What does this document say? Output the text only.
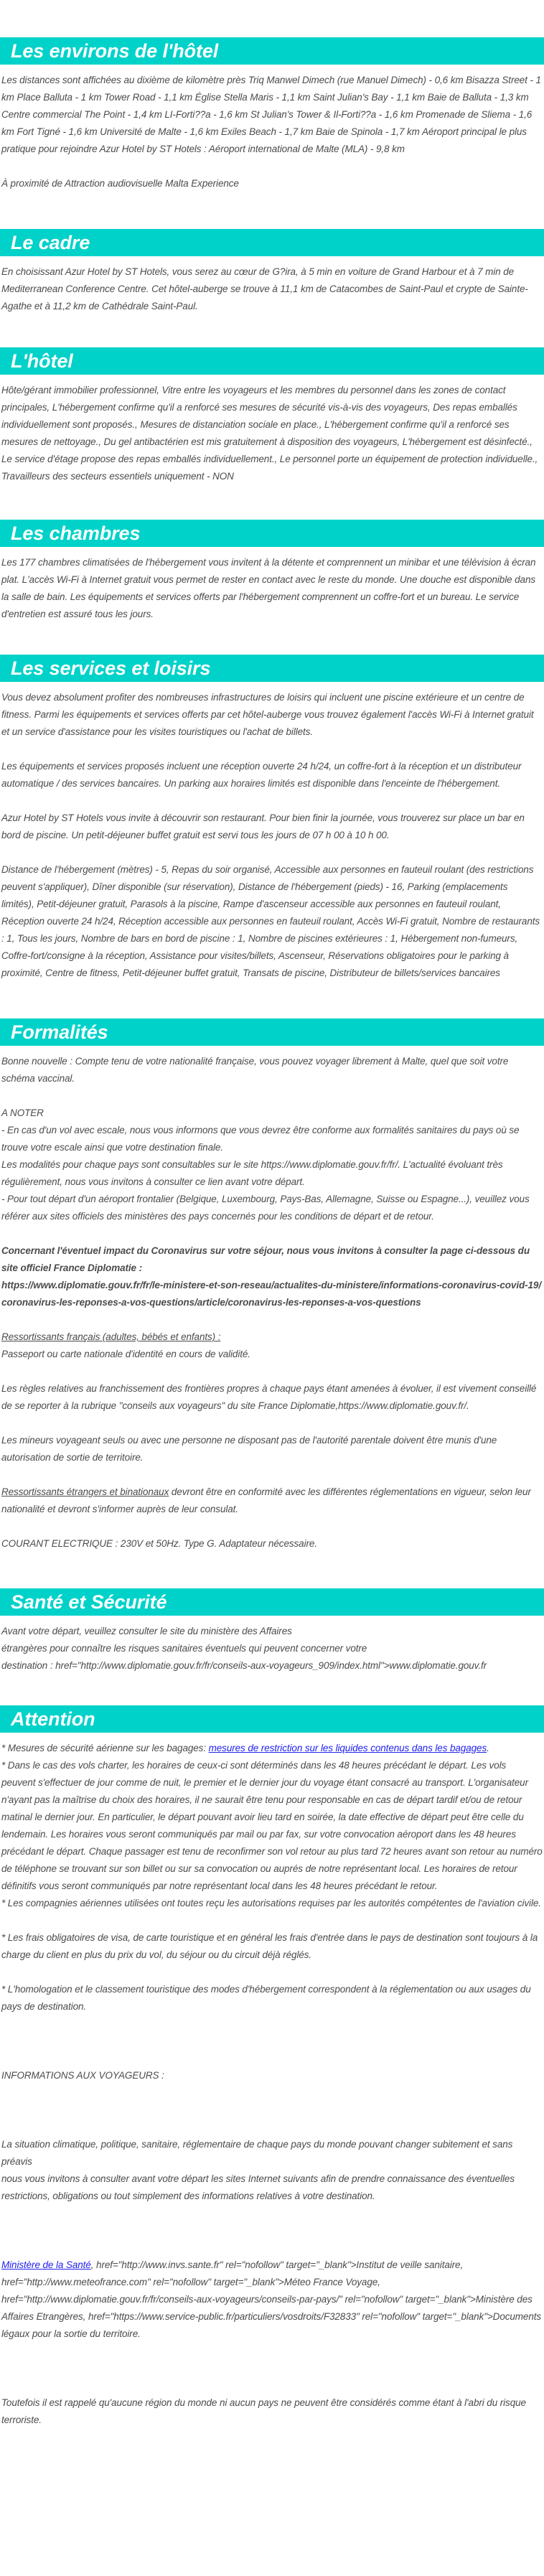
Les environs de l'hôtel

Les distances sont affichées au dixième de kilomètre près Triq Manwel Dimech (rue Manuel Dimech) - 0,6 km Bisazza Street - 1 km Place Balluta - 1 km Tower Road - 1,1 km Église Stella Maris - 1,1 km Saint Julian's Bay - 1,1 km Baie de Balluta - 1,3 km Centre commercial The Point - 1,4 km LI-Forti??a - 1,6 km St Julian's Tower & Il-Forti??a - 1,6 km Promenade de Sliema - 1,6 km Fort Tigné - 1,6 km Université de Malte - 1,6 km Exiles Beach - 1,7 km Baie de Spinola - 1,7 km Aéroport principal le plus pratique pour rejoindre Azur Hotel by ST Hotels : Aéroport international de Malte (MLA) - 9,8 km

À proximité de Attraction audiovisuelle Malta Experience

Le cadre

En choisissant Azur Hotel by ST Hotels, vous serez au cœur de G?ira, à 5 min en voiture de Grand Harbour et à 7 min de Mediterranean Conference Centre. Cet hôtel-auberge se trouve à 11,1 km de Catacombes de Saint-Paul et crypte de Sainte-Agathe et à 11,2 km de Cathédrale Saint-Paul.

L'hôtel

Hôte/gérant immobilier professionnel, Vitre entre les voyageurs et les membres du personnel dans les zones de contact principales, L'hébergement confirme qu'il a renforcé ses mesures de sécurité vis-à-vis des voyageurs, Des repas emballés individuellement sont proposés., Mesures de distanciation sociale en place., L'hébergement confirme qu'il a renforcé ses mesures de nettoyage., Du gel antibactérien est mis gratuitement à disposition des voyageurs, L'hébergement est désinfecté., Le service d'étage propose des repas emballés individuellement., Le personnel porte un équipement de protection individuelle., Travailleurs des secteurs essentiels uniquement - NON

Les chambres

Les 177 chambres climatisées de l'hébergement vous invitent à la détente et comprennent un minibar et une télévision à écran plat. L'accès Wi-Fi à Internet gratuit vous permet de rester en contact avec le reste du monde. Une douche est disponible dans la salle de bain. Les équipements et services offerts par l'hébergement comprennent un coffre-fort et un bureau. Le service d'entretien est assuré tous les jours.

Les services et loisirs

Vous devez absolument profiter des nombreuses infrastructures de loisirs qui incluent une piscine extérieure et un centre de fitness. Parmi les équipements et services offerts par cet hôtel-auberge vous trouvez également l'accès Wi-Fi à Internet gratuit et un service d'assistance pour les visites touristiques ou l'achat de billets.

Les équipements et services proposés incluent une réception ouverte 24 h/24, un coffre-fort à la réception et un distributeur automatique / des services bancaires. Un parking aux horaires limités est disponible dans l'enceinte de l'hébergement.

Azur Hotel by ST Hotels vous invite à découvrir son restaurant. Pour bien finir la journée, vous trouverez sur place un bar en bord de piscine. Un petit-déjeuner buffet gratuit est servi tous les jours de 07 h 00 à 10 h 00.

Distance de l'hébergement (mètres) - 5, Repas du soir organisé, Accessible aux personnes en fauteuil roulant (des restrictions peuvent s'appliquer), Dîner disponible (sur réservation), Distance de l'hébergement (pieds) - 16, Parking (emplacements limités), Petit-déjeuner gratuit, Parasols à la piscine, Rampe d'ascenseur accessible aux personnes en fauteuil roulant, Réception ouverte 24 h/24, Réception accessible aux personnes en fauteuil roulant, Accès Wi-Fi gratuit, Nombre de restaurants : 1, Tous les jours, Nombre de bars en bord de piscine : 1, Nombre de piscines extérieures : 1, Hébergement non-fumeurs, Coffre-fort/consigne à la réception, Assistance pour visites/billets, Ascenseur, Réservations obligatoires pour le parking à proximité, Centre de fitness, Petit-déjeuner buffet gratuit, Transats de piscine, Distributeur de billets/services bancaires

Formalités

Bonne nouvelle : Compte tenu de votre nationalité française, vous pouvez voyager librement à Malte, quel que soit votre schéma vaccinal.

A NOTER
- En cas d'un vol avec escale, nous vous informons que vous devrez être conforme aux formalités sanitaires du pays où se trouve votre escale ainsi que votre destination finale.
Les modalités pour chaque pays sont consultables sur le site https://www.diplomatie.gouv.fr/fr/. L'actualité évoluant très régulièrement, nous vous invitons à consulter ce lien avant votre départ.
- Pour tout départ d'un aéroport frontalier (Belgique, Luxembourg, Pays-Bas, Allemagne, Suisse ou Espagne...), veuillez vous référer aux sites officiels des ministères des pays concernés pour les conditions de départ et de retour.

Concernant l'éventuel impact du Coronavirus sur votre séjour, nous vous invitons à consulter la page ci-dessous du site officiel France Diplomatie :
https://www.diplomatie.gouv.fr/fr/le-ministere-et-son-reseau/actualites-du-ministere/informations-coronavirus-covid-19/coronavirus-les-reponses-a-vos-questions/article/coronavirus-les-reponses-a-vos-questions

Ressortissants français (adultes, bébés et enfants) :
Passeport ou carte nationale d'identité en cours de validité.

Les règles relatives au franchissement des frontières propres à chaque pays étant amenées à évoluer, il est vivement conseillé de se reporter à la rubrique "conseils aux voyageurs" du site France Diplomatie,https://www.diplomatie.gouv.fr/.

Les mineurs voyageant seuls ou avec une personne ne disposant pas de l'autorité parentale doivent être munis d'une autorisation de sortie de territoire.

Ressortissants étrangers et binationaux devront être en conformité avec les différentes réglementations en vigueur, selon leur nationalité et devront s'informer auprès de leur consulat.

COURANT ELECTRIQUE : 230V et 50Hz. Type G. Adaptateur nécessaire.

Santé et Sécurité

Avant votre départ, veuillez consulter le site du ministère des Affaires
étrangères pour connaître les risques sanitaires éventuels qui peuvent concerner votre
destination : href="http://www.diplomatie.gouv.fr/fr/conseils-aux-voyageurs_909/index.html">www.diplomatie.gouv.fr

Attention

* Mesures de sécurité aérienne sur les bagages: mesures de restriction sur les liquides contenus dans les bagages.

* Dans le cas des vols charter, les horaires de ceux-ci sont déterminés dans les 48 heures précédant le départ. Les vols peuvent s'effectuer de jour comme de nuit, le premier et le dernier jour du voyage étant consacré au transport. L'organisateur n'ayant pas la maîtrise du choix des horaires, il ne saurait être tenu pour responsable en cas de départ tardif et/ou de retour matinal le dernier jour. En particulier, le départ pouvant avoir lieu tard en soirée, la date effective de départ peut être celle du lendemain. Les horaires vous seront communiqués par mail ou par fax, sur votre convocation aéroport dans les 48 heures précédant le départ. Chaque passager est tenu de reconfirmer son vol retour au plus tard 72 heures avant son retour au numéro de téléphone se trouvant sur son billet ou sur sa convocation ou auprés de notre représentant local. Les horaires de retour définitifs vous seront communiqués par notre représentant local dans les 48 heures précédant le retour.

* Les compagnies aériennes utilisées ont toutes reçu les autorisations requises par les autorités compétentes de l'aviation civile.

* Les frais obligatoires de visa, de carte touristique et en général les frais d'entrée dans le pays de destination sont toujours à la charge du client en plus du prix du vol, du séjour ou du circuit déjà réglés.

* L'homologation et le classement touristique des modes d'hébergement correspondent à la réglementation ou aux usages du pays de destination.

INFORMATIONS AUX VOYAGEURS :

La situation climatique, politique, sanitaire, réglementaire de chaque pays du monde pouvant changer subitement et sans préavis
nous vous invitons à consulter avant votre départ les sites Internet suivants afin de prendre connaissance des éventuelles restrictions, obligations ou tout simplement des informations relatives à votre destination.

Ministère de la Santé, href="http://www.invs.sante.fr" rel="nofollow" target="_blank">Institut de veille sanitaire, href="http://www.meteofrance.com" rel="nofollow" target="_blank">Méteo France Voyage, href="http://www.diplomatie.gouv.fr/fr/conseils-aux-voyageurs/conseils-par-pays/" rel="nofollow" target="_blank">Ministère des Affaires Etrangères, href="https://www.service-public.fr/particuliers/vosdroits/F32833" rel="nofollow" target="_blank">Documents légaux pour la sortie du territoire.

Toutefois il est rappelé qu'aucune région du monde ni aucun pays ne peuvent être considérés comme étant à l'abri du risque terroriste.
